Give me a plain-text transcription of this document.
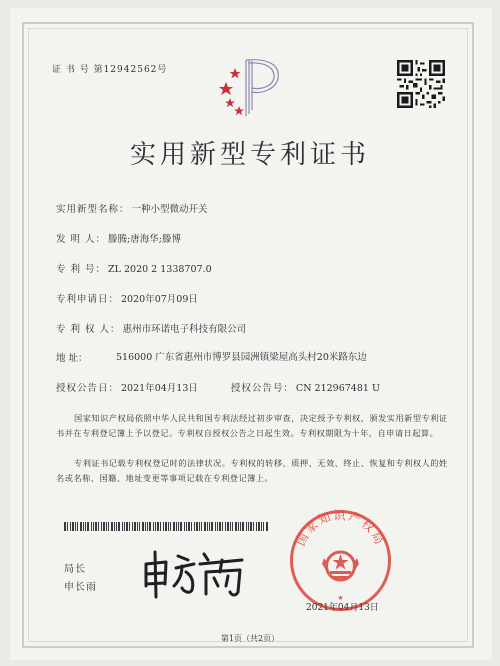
证 书 号 第12942562号
实用新型专利证书
实用新型名称： 一种小型微动开关
发 明 人： 滕腾;唐海华;滕博
专 利 号： ZL 2020 2 1338707.0
专利申请日： 2020年07月09日
专 利 权 人： 惠州市环诺电子科技有限公司
地 址：	516000 广东省惠州市博罗县园洲镇梁屋高头村20米路东边
授权公告日： 2021年04月13日	授权公告号： CN 212967481 U
国家知识产权局依照中华人民共和国专利法经过初步审查，决定授予专利权，颁发实用新型专利证书并在专利登记簿上予以登记。专利权自授权公告之日起生效。专利权期限为十年，自申请日起算。
专利证书记载专利权登记时的法律状况。专利权的转移、质押、无效、终止、恢复和专利权人的姓名或名称、国籍、地址变更等事项记载在专利登记簿上。
局长
申长雨
国家知识产权局
★
2021年04月13日
第1页（共2页）
